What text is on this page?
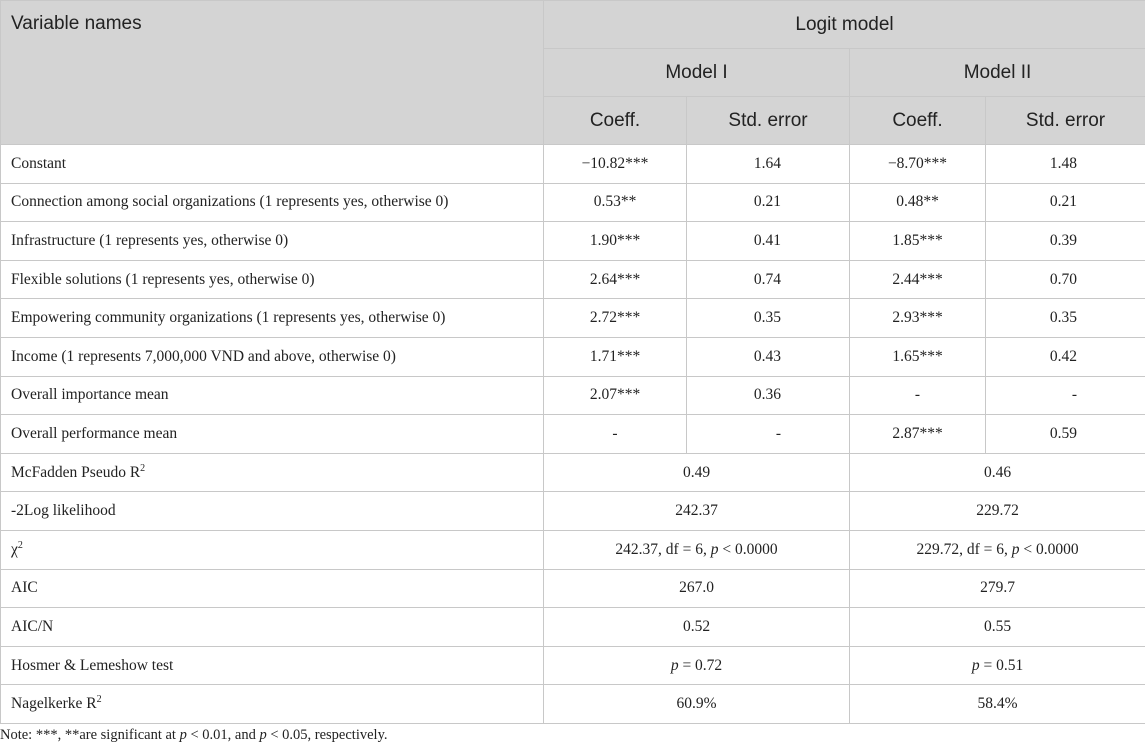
Variable names	Logit model			
	Model I		Model II	
	Coeff.	Std. error	Coeff.	Std. error
Constant	−10.82***	1.64	−8.70***	1.48
Connection among social organizations (1 represents yes, otherwise 0)	0.53**	0.21	0.48**	0.21
Infrastructure (1 represents yes, otherwise 0)	1.90***	0.41	1.85***	0.39
Flexible solutions (1 represents yes, otherwise 0)	2.64***	0.74	2.44***	0.70
Empowering community organizations (1 represents yes, otherwise 0)	2.72***	0.35	2.93***	0.35
Income (1 represents 7,000,000 VND and above, otherwise 0)	1.71***	0.43	1.65***	0.42
Overall importance mean	2.07***	0.36	-	-
Overall performance mean	-	-	2.87***	0.59
McFadden Pseudo $R^2$	0.49		0.46	
-2Log likelihood	242.37		229.72	
$\chi^2$	242.37, df = 6, p < 0.0000		229.72, df = 6, p < 0.0000	
AIC	267.0		279.7	
AIC/N	0.52		0.55	
Hosmer & Lemeshow test	p = 0.72		p = 0.51	
Nagelkerke $R^2$	60.9%		58.4%	
Note: ***, **are significant at p < 0.01, and p < 0.05, respectively.
